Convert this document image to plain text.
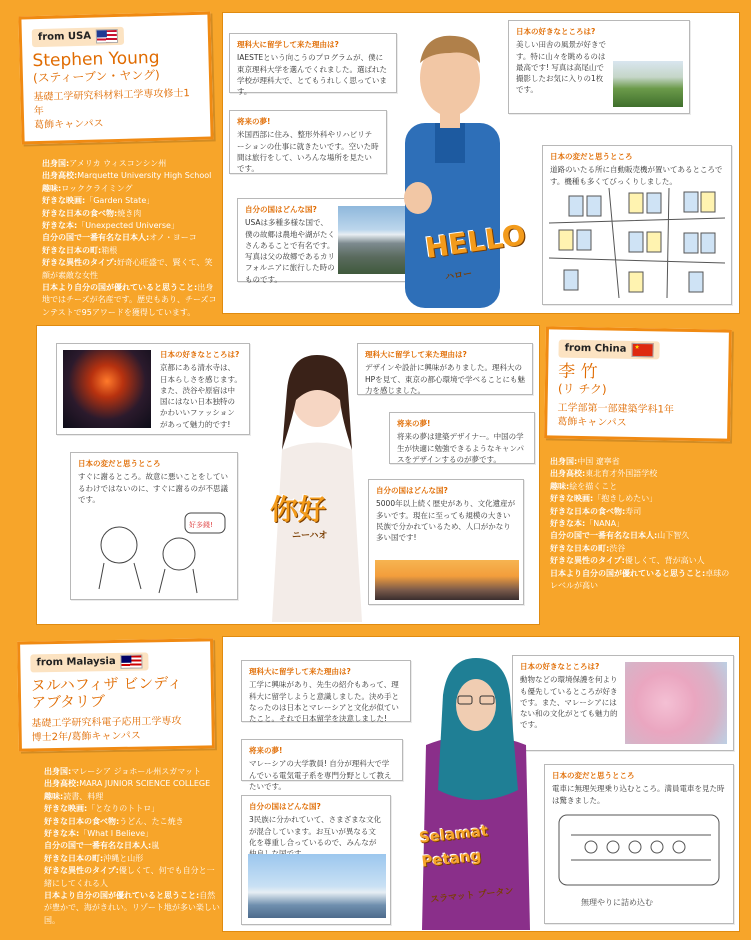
from USA
Stephen Young
(スティーブン・ヤング)
基礎工学研究科材料工学専攻修士1年
葛飾キャンパス
出身国:アメリカ ウィスコンシン州
出身高校:Marquette University High School
趣味:ロッククライミング
好きな映画:「Garden State」
好きな日本の食べ物:焼き肉
好きな本:「Unexpected Universe」
自分の国で一番有名な日本人:オノ・ヨーコ
好きな日本の町:箱根
好きな異性のタイプ:好奇心旺盛で、賢くて、笑顔が素敵な女性
日本より自分の国が優れていると思うこと:出身地ではチーズが名産です。歴史もあり、チーズコンテストで95アワードを獲得しています。
理科大に留学して来た理由は?
IAESTEという向こうのプログラムが、僕に東京理科大学を選んでくれました。選ばれた学校が理科大で、とてもうれしく思っています。
将来の夢!
米国西部に住み、整形外科やリハビリテーションの仕事に就きたいです。空いた時間は旅行をして、いろんな場所を見たいです。
自分の国はどんな国?
USAは多種多様な国で、僕の故郷は農地や湖がたくさんあることで有名です。写真は父の故郷であるカリフォルニアに旅行した時のものです。
日本の好きなところは?
美しい田舎の風景が好きです。特に山々を眺めるのは最高です! 写真は高尾山で撮影したお気に入りの1枚です。
日本の変だと思うところ
道路のいたる所に自動販売機が置いてあるところです。機種も多くてびっくりしました。
HELLO
ハロー
from China ★
李 竹
(リ チク)
工学部第一部建築学科1年
葛飾キャンパス
出身国:中国 遼寧省
出身高校:東北育才外国語学校
趣味:絵を描くこと
好きな映画:「抱きしめたい」
好きな日本の食べ物:寿司
好きな本:「NANA」
自分の国で一番有名な日本人:山下智久
好きな日本の町:渋谷
好きな異性のタイプ:優しくて、背が高い人
日本より自分の国が優れていると思うこと:卓球のレベルが高い
日本の好きなところは?
京都にある清水寺は、日本らしさを感じます。また、渋谷や原宿は中国にはない日本独特のかわいいファッションがあって魅力的です!
日本の変だと思うところ
すぐに謝るところ。故意に悪いことをしているわけではないのに、すぐに謝るのが不思議です。
好多錢!
理科大に留学して来た理由は?
デザインや設計に興味がありました。理科大のHPを見て、東京の都心環境で学べることにも魅力を感じました。
将来の夢!
将来の夢は建築デザイナー。中国の学生が快適に勉強できるようなキャンパスをデザインするのが夢です。
自分の国はどんな国?
5000年以上続く歴史があり、文化遺産が多いです。現在に至っても規模の大きい民族で分かれているため、人口がかなり多い国です!
你好
ニーハオ
from Malaysia
ヌルハフィザ ビンディ
アブタリブ
基礎工学研究科電子応用工学専攻
博士2年/葛飾キャンパス
出身国:マレーシア ジョホール州スガマット
出身高校:MARA JUNIOR SCIENCE COLLEGE
趣味:読書、料理
好きな映画:「となりのトトロ」
好きな日本の食べ物:うどん、たこ焼き
好きな本:「What I Believe」
自分の国で一番有名な日本人:嵐
好きな日本の町:沖縄と山形
好きな異性のタイプ:優しくて、何でも自分と一緒にしてくれる人
日本より自分の国が優れていると思うこと:自然が豊かで、海がきれい。リゾート地が多い楽しい国。
理科大に留学して来た理由は?
工学に興味があり、先生の紹介もあって、理科大に留学しようと意識しました。決め手となったのは日本とマレーシアと文化が似ていたこと。それで日本留学を決意しました!
将来の夢!
マレーシアの大学教員! 自分が理科大で学んでいる電気電子系を専門分野として教えたいです。
自分の国はどんな国?
3民族に分かれていて、さまざまな文化が混合しています。お互いが異なる文化を尊重し合っているので、みんなが
日本の好きなところは?
動物などの環境保護を何よりも優先しているところが好きです。また、マレーシアにはない和の文化がとても魅力的です。
日本の変だと思うところ
電車に無理矢理乗り込むところ。満員電車を見た時は驚きました。
無理やりに詰め込む
Selamat Petang
スラマット プータン
